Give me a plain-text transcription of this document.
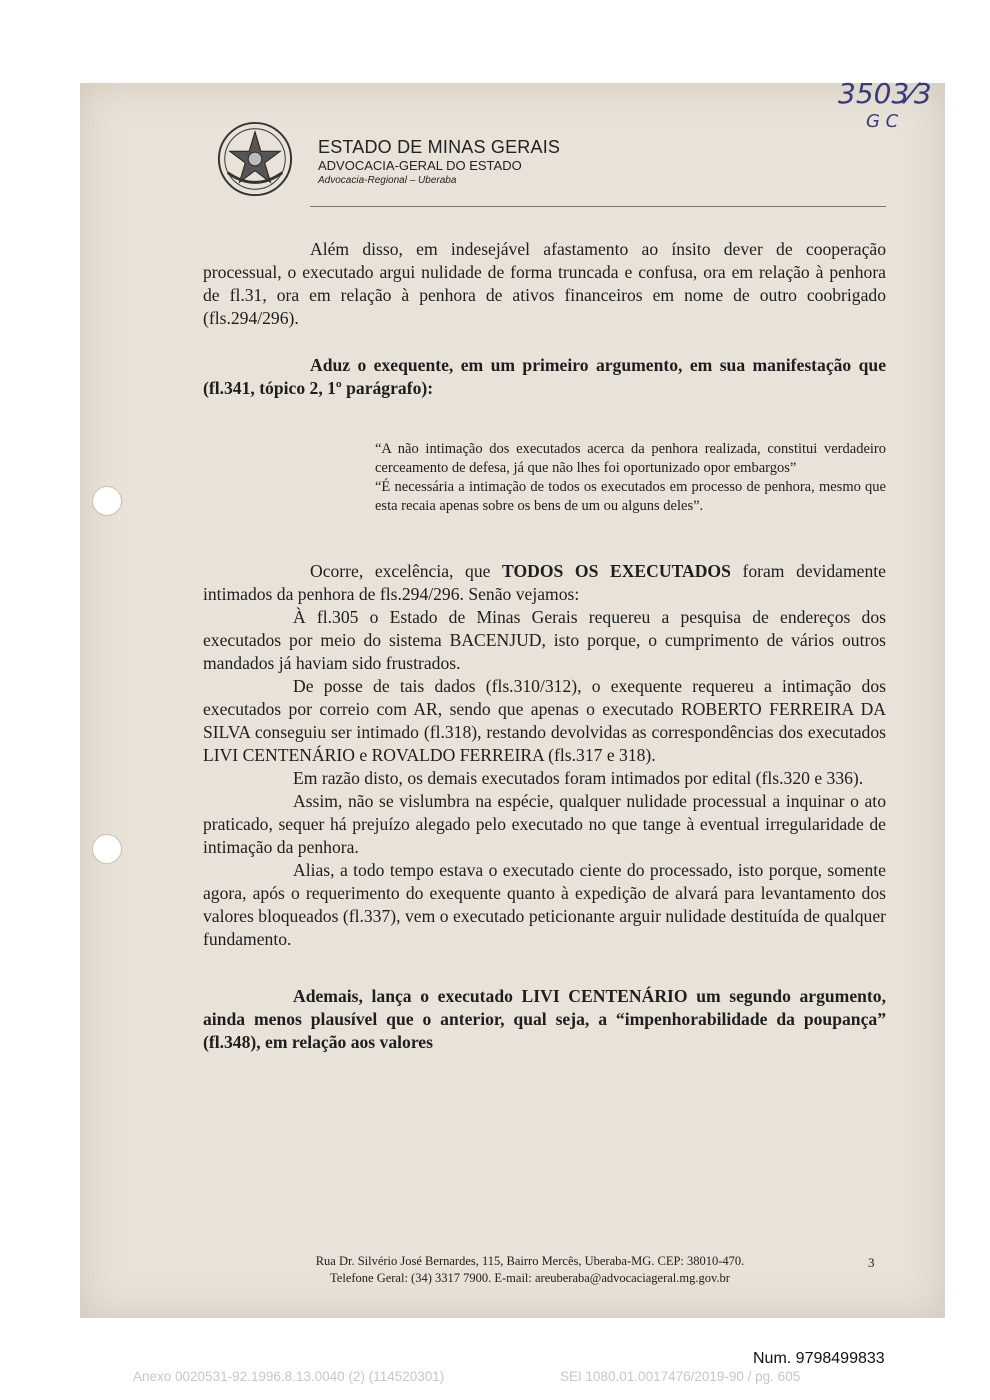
3503⁄3
G C
ESTADO DE MINAS GERAIS
ADVOCACIA-GERAL DO ESTADO
Advocacia-Regional – Uberaba

Além disso, em indesejável afastamento ao ínsito dever de cooperação processual, o executado argui nulidade de forma truncada e confusa, ora em relação à penhora de fl.31, ora em relação à penhora de ativos financeiros em nome de outro coobrigado (fls.294/296).

Aduz o exequente, em um primeiro argumento, em sua manifestação que (fl.341, tópico 2, 1º parágrafo):

“A não intimação dos executados acerca da penhora realizada, constitui verdadeiro cerceamento de defesa, já que não lhes foi oportunizado opor embargos”

“É necessária a intimação de todos os executados em processo de penhora, mesmo que esta recaia apenas sobre os bens de um ou alguns deles”.

Ocorre, excelência, que TODOS OS EXECUTADOS foram devidamente intimados da penhora de fls.294/296. Senão vejamos:

À fl.305 o Estado de Minas Gerais requereu a pesquisa de endereços dos executados por meio do sistema BACENJUD, isto porque, o cumprimento de vários outros mandados já haviam sido frustrados.

De posse de tais dados (fls.310/312), o exequente requereu a intimação dos executados por correio com AR, sendo que apenas o executado ROBERTO FERREIRA DA SILVA conseguiu ser intimado (fl.318), restando devolvidas as correspondências dos executados LIVI CENTENÁRIO e ROVALDO FERREIRA (fls.317 e 318).

Em razão disto, os demais executados foram intimados por edital (fls.320 e 336).

Assim, não se vislumbra na espécie, qualquer nulidade processual a inquinar o ato praticado, sequer há prejuízo alegado pelo executado no que tange à eventual irregularidade de intimação da penhora.

Alias, a todo tempo estava o executado ciente do processado, isto porque, somente agora, após o requerimento do exequente quanto à expedição de alvará para levantamento dos valores bloqueados (fl.337), vem o executado peticionante arguir nulidade destituída de qualquer fundamento.

Ademais, lança o executado LIVI CENTENÁRIO um segundo argumento, ainda menos plausível que o anterior, qual seja, a “impenhorabilidade da poupança” (fl.348), em relação aos valores

Rua Dr. Silvério José Bernardes, 115, Bairro Mercês, Uberaba-MG. CEP: 38010-470.
Telefone Geral: (34) 3317 7900. E-mail: areuberaba@advocaciageral.mg.gov.br
3
Num. 9798499833
Anexo 0020531-92.1996.8.13.0040 (2) (114520301)	SEI 1080.01.0017476/2019-90 / pg. 605
